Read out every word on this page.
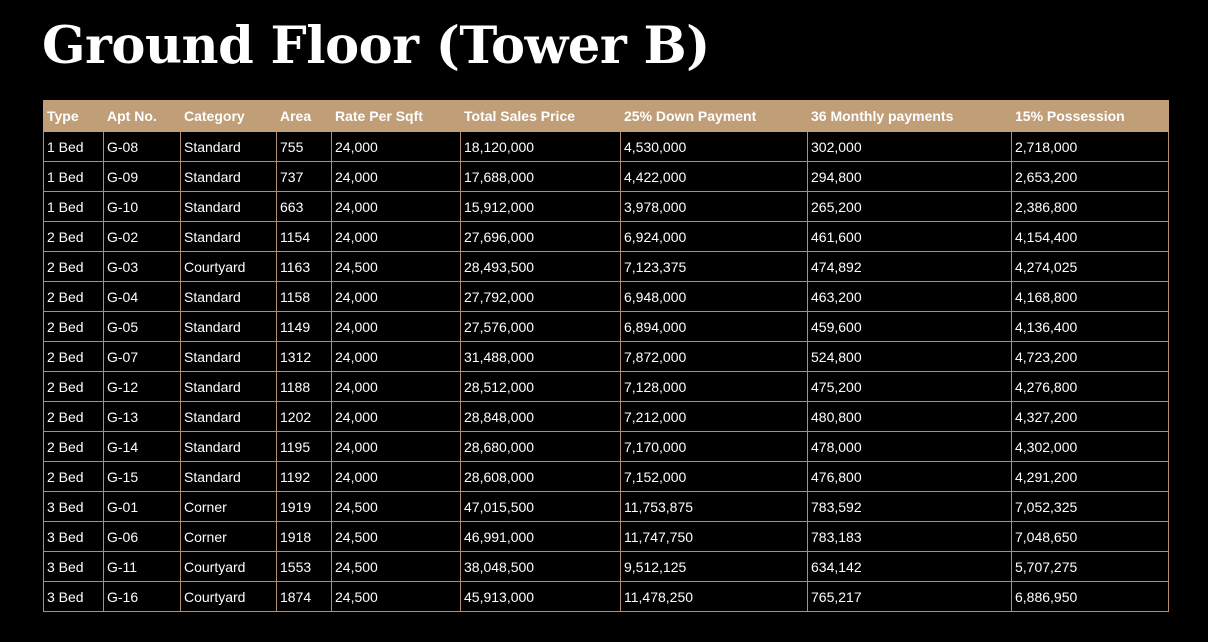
Ground Floor (Tower B)
Type	Apt No.	Category	Area	Rate Per Sqft	Total Sales Price	25% Down Payment	36 Monthly payments	15% Possession
1 Bed	G-08	Standard	755	24,000	18,120,000	4,530,000	302,000	2,718,000
1 Bed	G-09	Standard	737	24,000	17,688,000	4,422,000	294,800	2,653,200
1 Bed	G-10	Standard	663	24,000	15,912,000	3,978,000	265,200	2,386,800
2 Bed	G-02	Standard	1154	24,000	27,696,000	6,924,000	461,600	4,154,400
2 Bed	G-03	Courtyard	1163	24,500	28,493,500	7,123,375	474,892	4,274,025
2 Bed	G-04	Standard	1158	24,000	27,792,000	6,948,000	463,200	4,168,800
2 Bed	G-05	Standard	1149	24,000	27,576,000	6,894,000	459,600	4,136,400
2 Bed	G-07	Standard	1312	24,000	31,488,000	7,872,000	524,800	4,723,200
2 Bed	G-12	Standard	1188	24,000	28,512,000	7,128,000	475,200	4,276,800
2 Bed	G-13	Standard	1202	24,000	28,848,000	7,212,000	480,800	4,327,200
2 Bed	G-14	Standard	1195	24,000	28,680,000	7,170,000	478,000	4,302,000
2 Bed	G-15	Standard	1192	24,000	28,608,000	7,152,000	476,800	4,291,200
3 Bed	G-01	Corner	1919	24,500	47,015,500	11,753,875	783,592	7,052,325
3 Bed	G-06	Corner	1918	24,500	46,991,000	11,747,750	783,183	7,048,650
3 Bed	G-11	Courtyard	1553	24,500	38,048,500	9,512,125	634,142	5,707,275
3 Bed	G-16	Courtyard	1874	24,500	45,913,000	11,478,250	765,217	6,886,950
